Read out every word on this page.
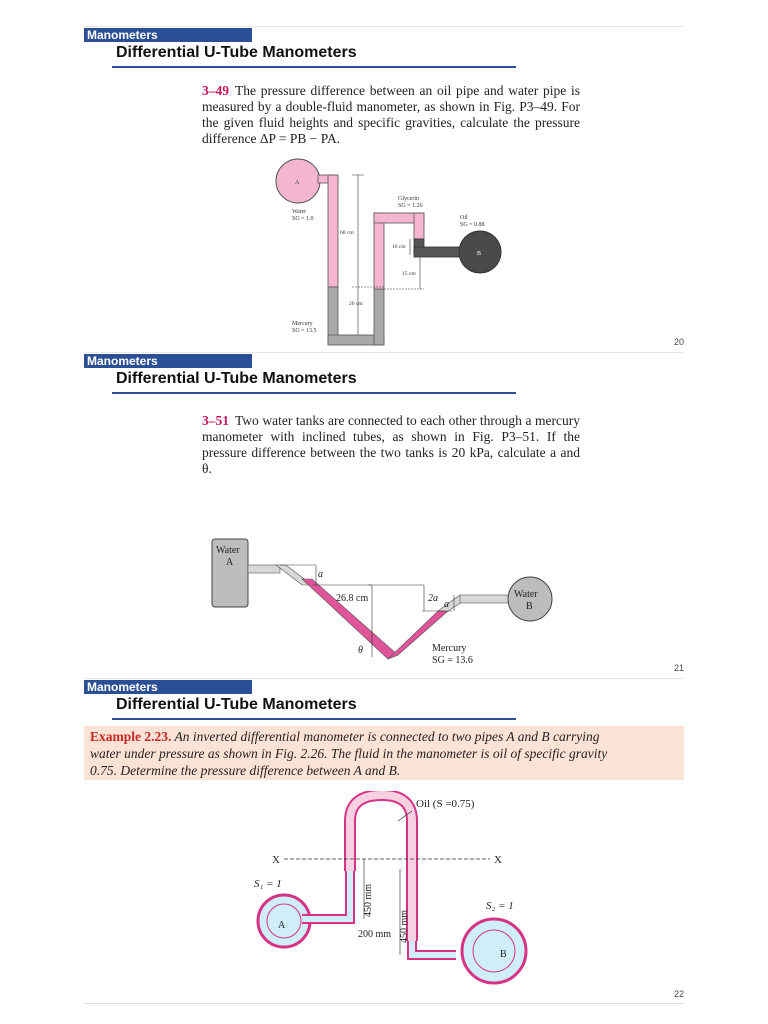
Manometers
Differential U-Tube Manometers
3–49 The pressure difference between an oil pipe and water pipe is measured by a double-fluid manometer, as shown in Fig. P3–49. For the given fluid heights and specific gravities, calculate the pressure difference ΔP = PB − PA.
A
B
Water
SG = 1.0
Glycerin
SG = 1.26
Oil
SG = 0.88
Mercury
SG = 13.5
60 cm
10 cm
15 cm
20 cm
20
Manometers
Differential U-Tube Manometers
3–51 Two water tanks are connected to each other through a mercury manometer with inclined tubes, as shown in Fig. P3–51. If the pressure difference between the two tanks is 20 kPa, calculate a and θ.
Water
A
Water
B
a
26.8 cm	2a
a
θ	Mercury
SG = 13.6
21
Manometers
Differential U-Tube Manometers
Example 2.23. An inverted differential manometer is connected to two pipes A and B carrying
water under pressure as shown in Fig. 2.26. The fluid in the manometer is oil of specific gravity
0.75. Determine the pressure difference between A and B.
A
B
X	X
Oil (S =0.75)
S₁ = 1
S₂ = 1
450 mm
450 mm
200 mm
22
